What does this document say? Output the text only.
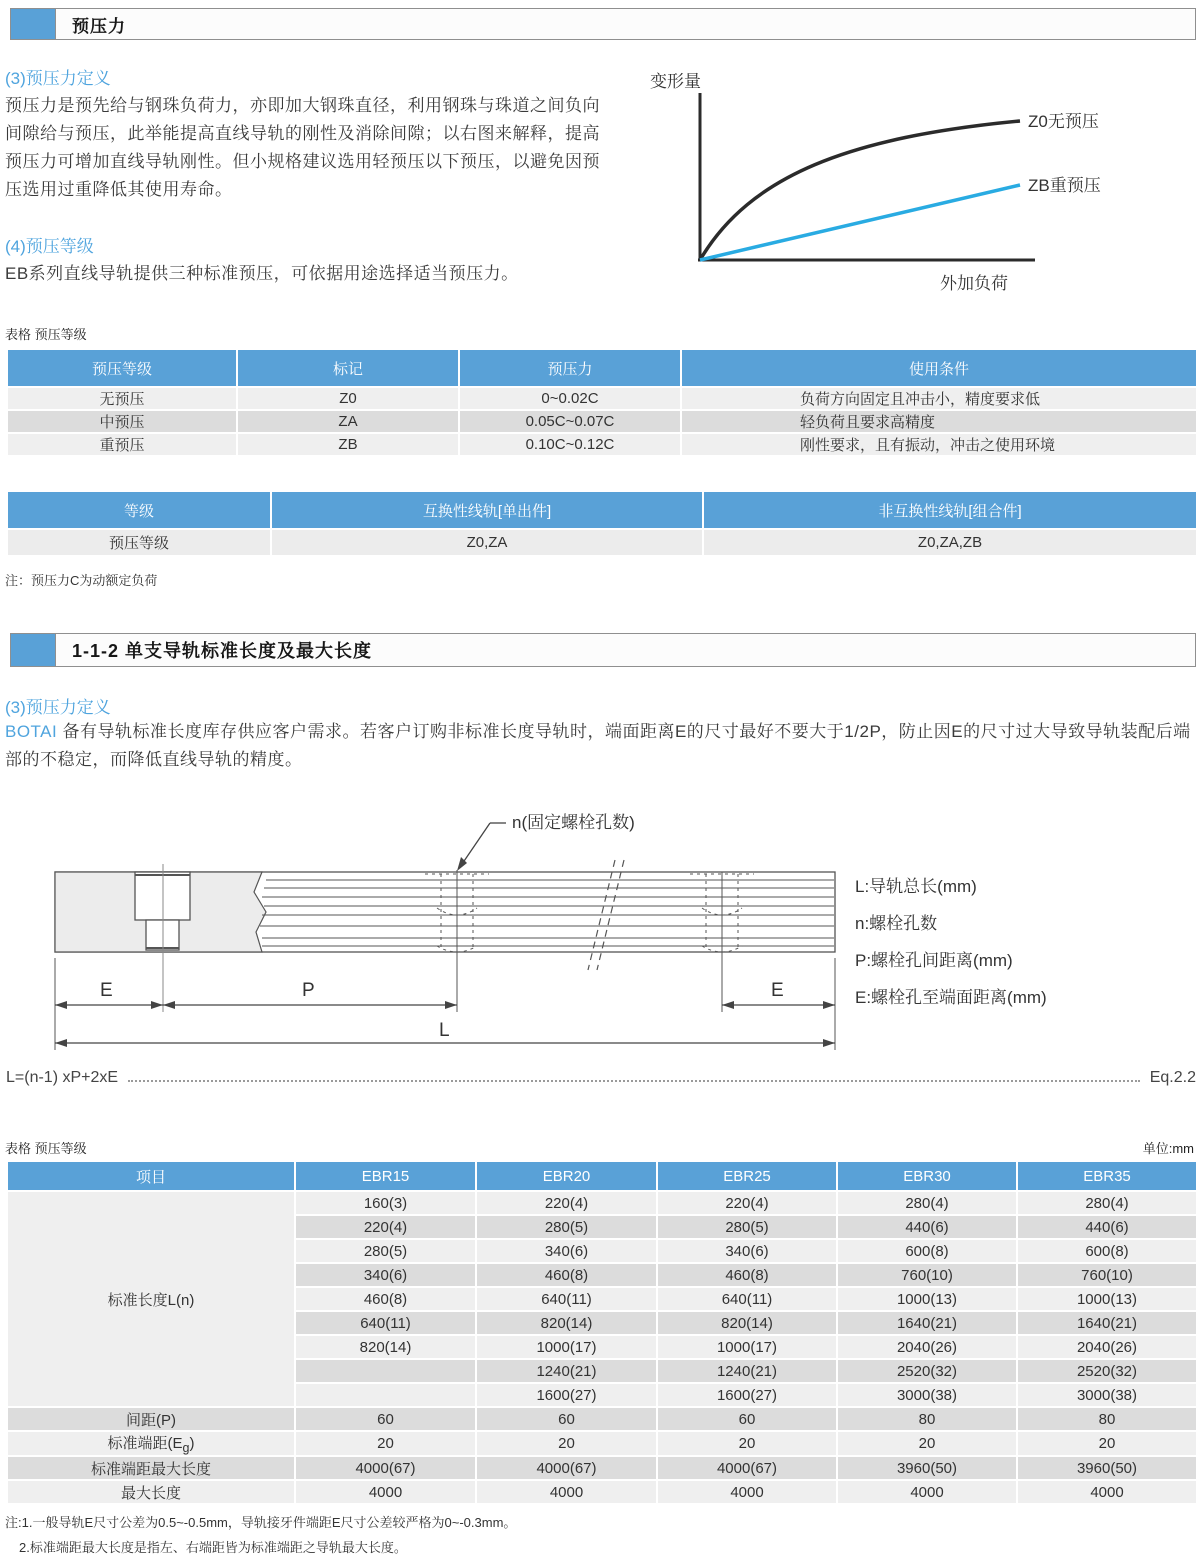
预压力
(3)预压力定义
预压力是预先给与钢珠负荷力，亦即加大钢珠直径，利用钢珠与珠道之间负向间隙给与预压，此举能提高直线导轨的刚性及消除间隙；以右图来解释，提高预压力可增加直线导轨刚性。但小规格建议选用轻预压以下预压，以避免因预压选用过重降低其使用寿命。
(4)预压等级
EB系列直线导轨提供三种标准预压，可依据用途选择适当预压力。
变形量
Z0无预压
ZB重预压
外加负荷
表格 预压等级
预压等级	标记	预压力	使用条件
无预压	Z0	0~0.02C	负荷方向固定且冲击小，精度要求低
中预压	ZA	0.05C~0.07C	轻负荷且要求高精度
重预压	ZB	0.10C~0.12C	刚性要求，且有振动，冲击之使用环境
等级	互换性线轨[单出件]	非互换性线轨[组合件]
预压等级	Z0,ZA	Z0,ZA,ZB
注：预压力C为动额定负荷
1-1-2 单支导轨标准长度及最大长度
(3)预压力定义
BOTAI 备有导轨标准长度库存供应客户需求。若客户订购非标准长度导轨时，端面距离E的尺寸最好不要大于1/2P，防止因E的尺寸过大导致导轨装配后端部的不稳定，而降低直线导轨的精度。
n(固定螺栓孔数)
E	P	E
L
L:导轨总长(mm)
n:螺栓孔数
P:螺栓孔间距离(mm)
E:螺栓孔至端面距离(mm)
L=(n-1) xP+2xE	Eq.2.2
表格 预压等级	单位:mm
项目	EBR15	EBR20	EBR25	EBR30	EBR35
标准长度L(n)	160(3)	220(4)	220(4)	280(4)	280(4)
	220(4)	280(5)	280(5)	440(6)	440(6)
	280(5)	340(6)	340(6)	600(8)	600(8)
	340(6)	460(8)	460(8)	760(10)	760(10)
	460(8)	640(11)	640(11)	1000(13)	1000(13)
	640(11)	820(14)	820(14)	1640(21)	1640(21)
	820(14)	1000(17)	1000(17)	2040(26)	2040(26)
		1240(21)	1240(21)	2520(32)	2520(32)
		1600(27)	1600(27)	3000(38)	3000(38)
间距(P)	60	60	60	80	80
标准端距$(E_g)$	20	20	20	20	20
标准端距最大长度	4000(67)	4000(67)	4000(67)	3960(50)	3960(50)
最大长度	4000	4000	4000	4000	4000
注:1.一般导轨E尺寸公差为0.5~-0.5mm，导轨接牙件端距E尺寸公差较严格为0~-0.3mm。
2.标准端距最大长度是指左、右端距皆为标准端距之导轨最大长度。
